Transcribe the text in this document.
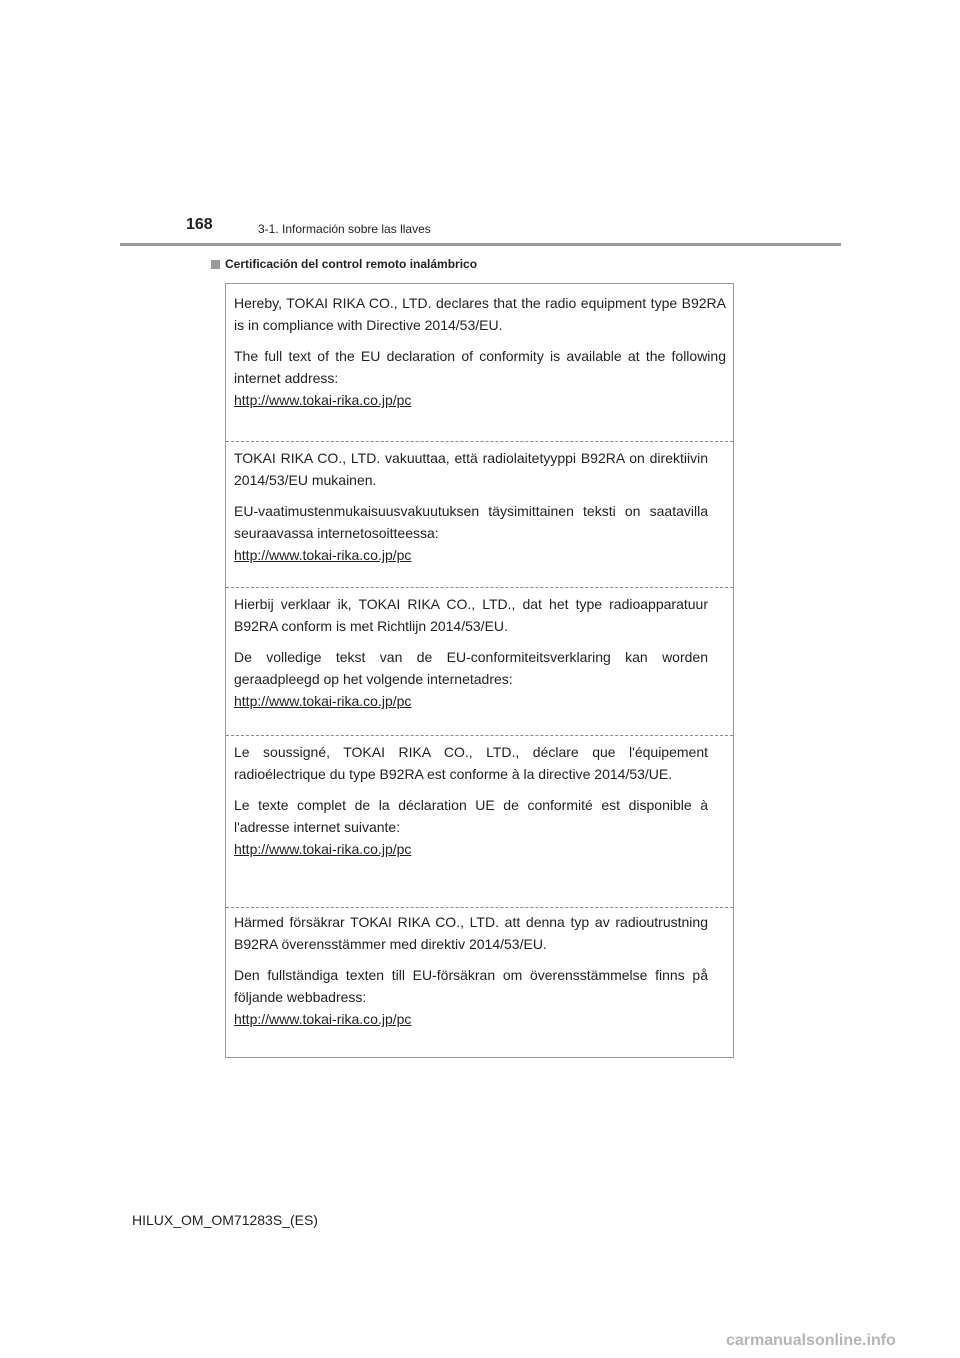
168	3-1. Información sobre las llaves
Certificación del control remoto inalámbrico

Hereby, TOKAI RIKA CO., LTD. declares that the radio equipment type B92RA is in compliance with Directive 2014/53/EU.

The full text of the EU declaration of conformity is available at the following internet address:
http://www.tokai-rika.co.jp/pc

TOKAI RIKA CO., LTD. vakuuttaa, että radiolaitetyyppi B92RA on direktiivin 2014/53/EU mukainen.

EU-vaatimustenmukaisuusvakuutuksen täysimittainen teksti on saatavilla seuraavassa internetosoitteessa:
http://www.tokai-rika.co.jp/pc

Hierbij verklaar ik, TOKAI RIKA CO., LTD., dat het type radioapparatuur B92RA conform is met Richtlijn 2014/53/EU.

De volledige tekst van de EU-conformiteitsverklaring kan worden geraadpleegd op het volgende internetadres:
http://www.tokai-rika.co.jp/pc

Le soussigné, TOKAI RIKA CO., LTD., déclare que l'équipement radioélectrique du type B92RA est conforme à la directive 2014/53/UE.

Le texte complet de la déclaration UE de conformité est disponible à l'adresse internet suivante:
http://www.tokai-rika.co.jp/pc

Härmed försäkrar TOKAI RIKA CO., LTD. att denna typ av radioutrustning B92RA överensstämmer med direktiv 2014/53/EU.

Den fullständiga texten till EU-försäkran om överensstämmelse finns på följande webbadress:
http://www.tokai-rika.co.jp/pc

HILUX_OM_OM71283S_(ES)
carmanualsonline.info
